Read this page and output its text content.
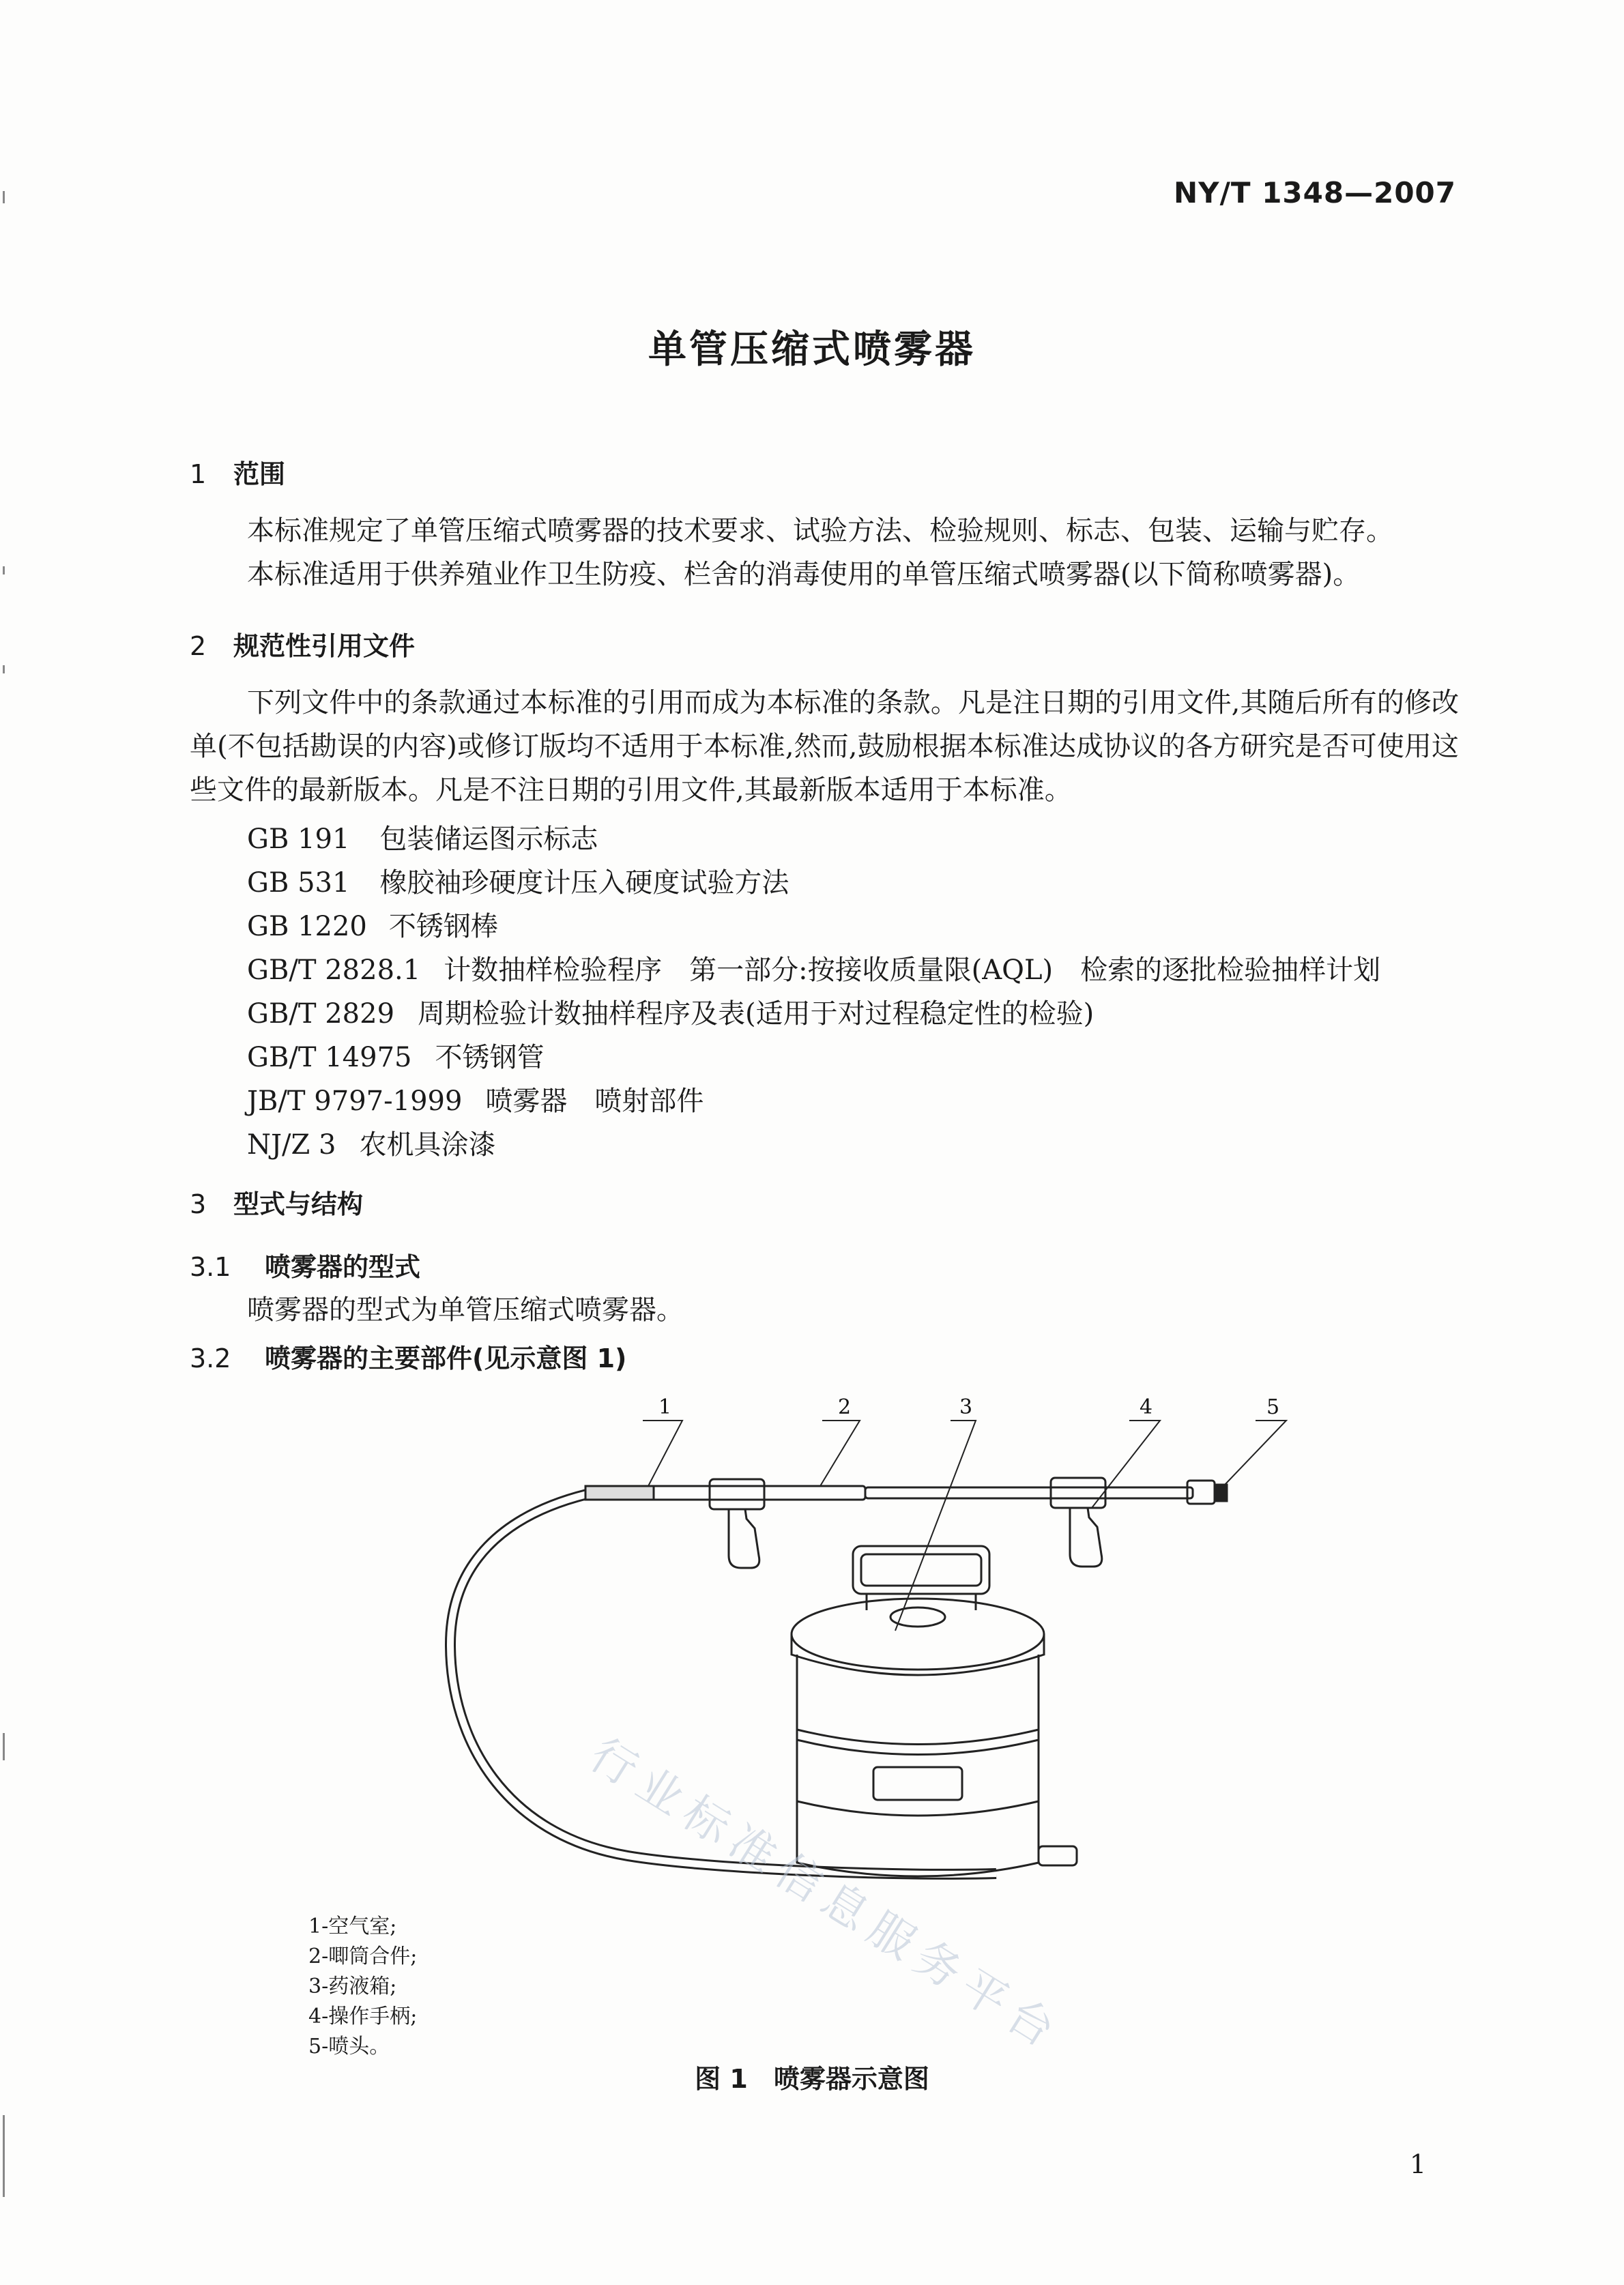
NY/T 1348—2007
单管压缩式喷雾器
1 范围
本标准规定了单管压缩式喷雾器的技术要求、试验方法、检验规则、标志、包装、运输与贮存。
本标准适用于供养殖业作卫生防疫、栏舍的消毒使用的单管压缩式喷雾器(以下简称喷雾器)。
2 规范性引用文件
下列文件中的条款通过本标准的引用而成为本标准的条款。凡是注日期的引用文件,其随后所有的修改单(不包括勘误的内容)或修订版均不适用于本标准,然而,鼓励根据本标准达成协议的各方研究是否可使用这些文件的最新版本。凡是不注日期的引用文件,其最新版本适用于本标准。
GB 191 包装储运图示标志
GB 531 橡胶袖珍硬度计压入硬度试验方法
GB 1220 不锈钢棒
GB/T 2828.1 计数抽样检验程序　第一部分:按接收质量限(AQL)　检索的逐批检验抽样计划
GB/T 2829 周期检验计数抽样程序及表(适用于对过程稳定性的检验)
GB/T 14975 不锈钢管
JB/T 9797-1999 喷雾器　喷射部件
NJ/Z 3 农机具涂漆
3 型式与结构
3.1 喷雾器的型式
喷雾器的型式为单管压缩式喷雾器。
3.2 喷雾器的主要部件(见示意图 1)
1	2	3	4	5
行业标准信息服务平台
1-空气室;
2-唧筒合件;
3-药液箱;
4-操作手柄;
5-喷头。
图 1　喷雾器示意图
1
